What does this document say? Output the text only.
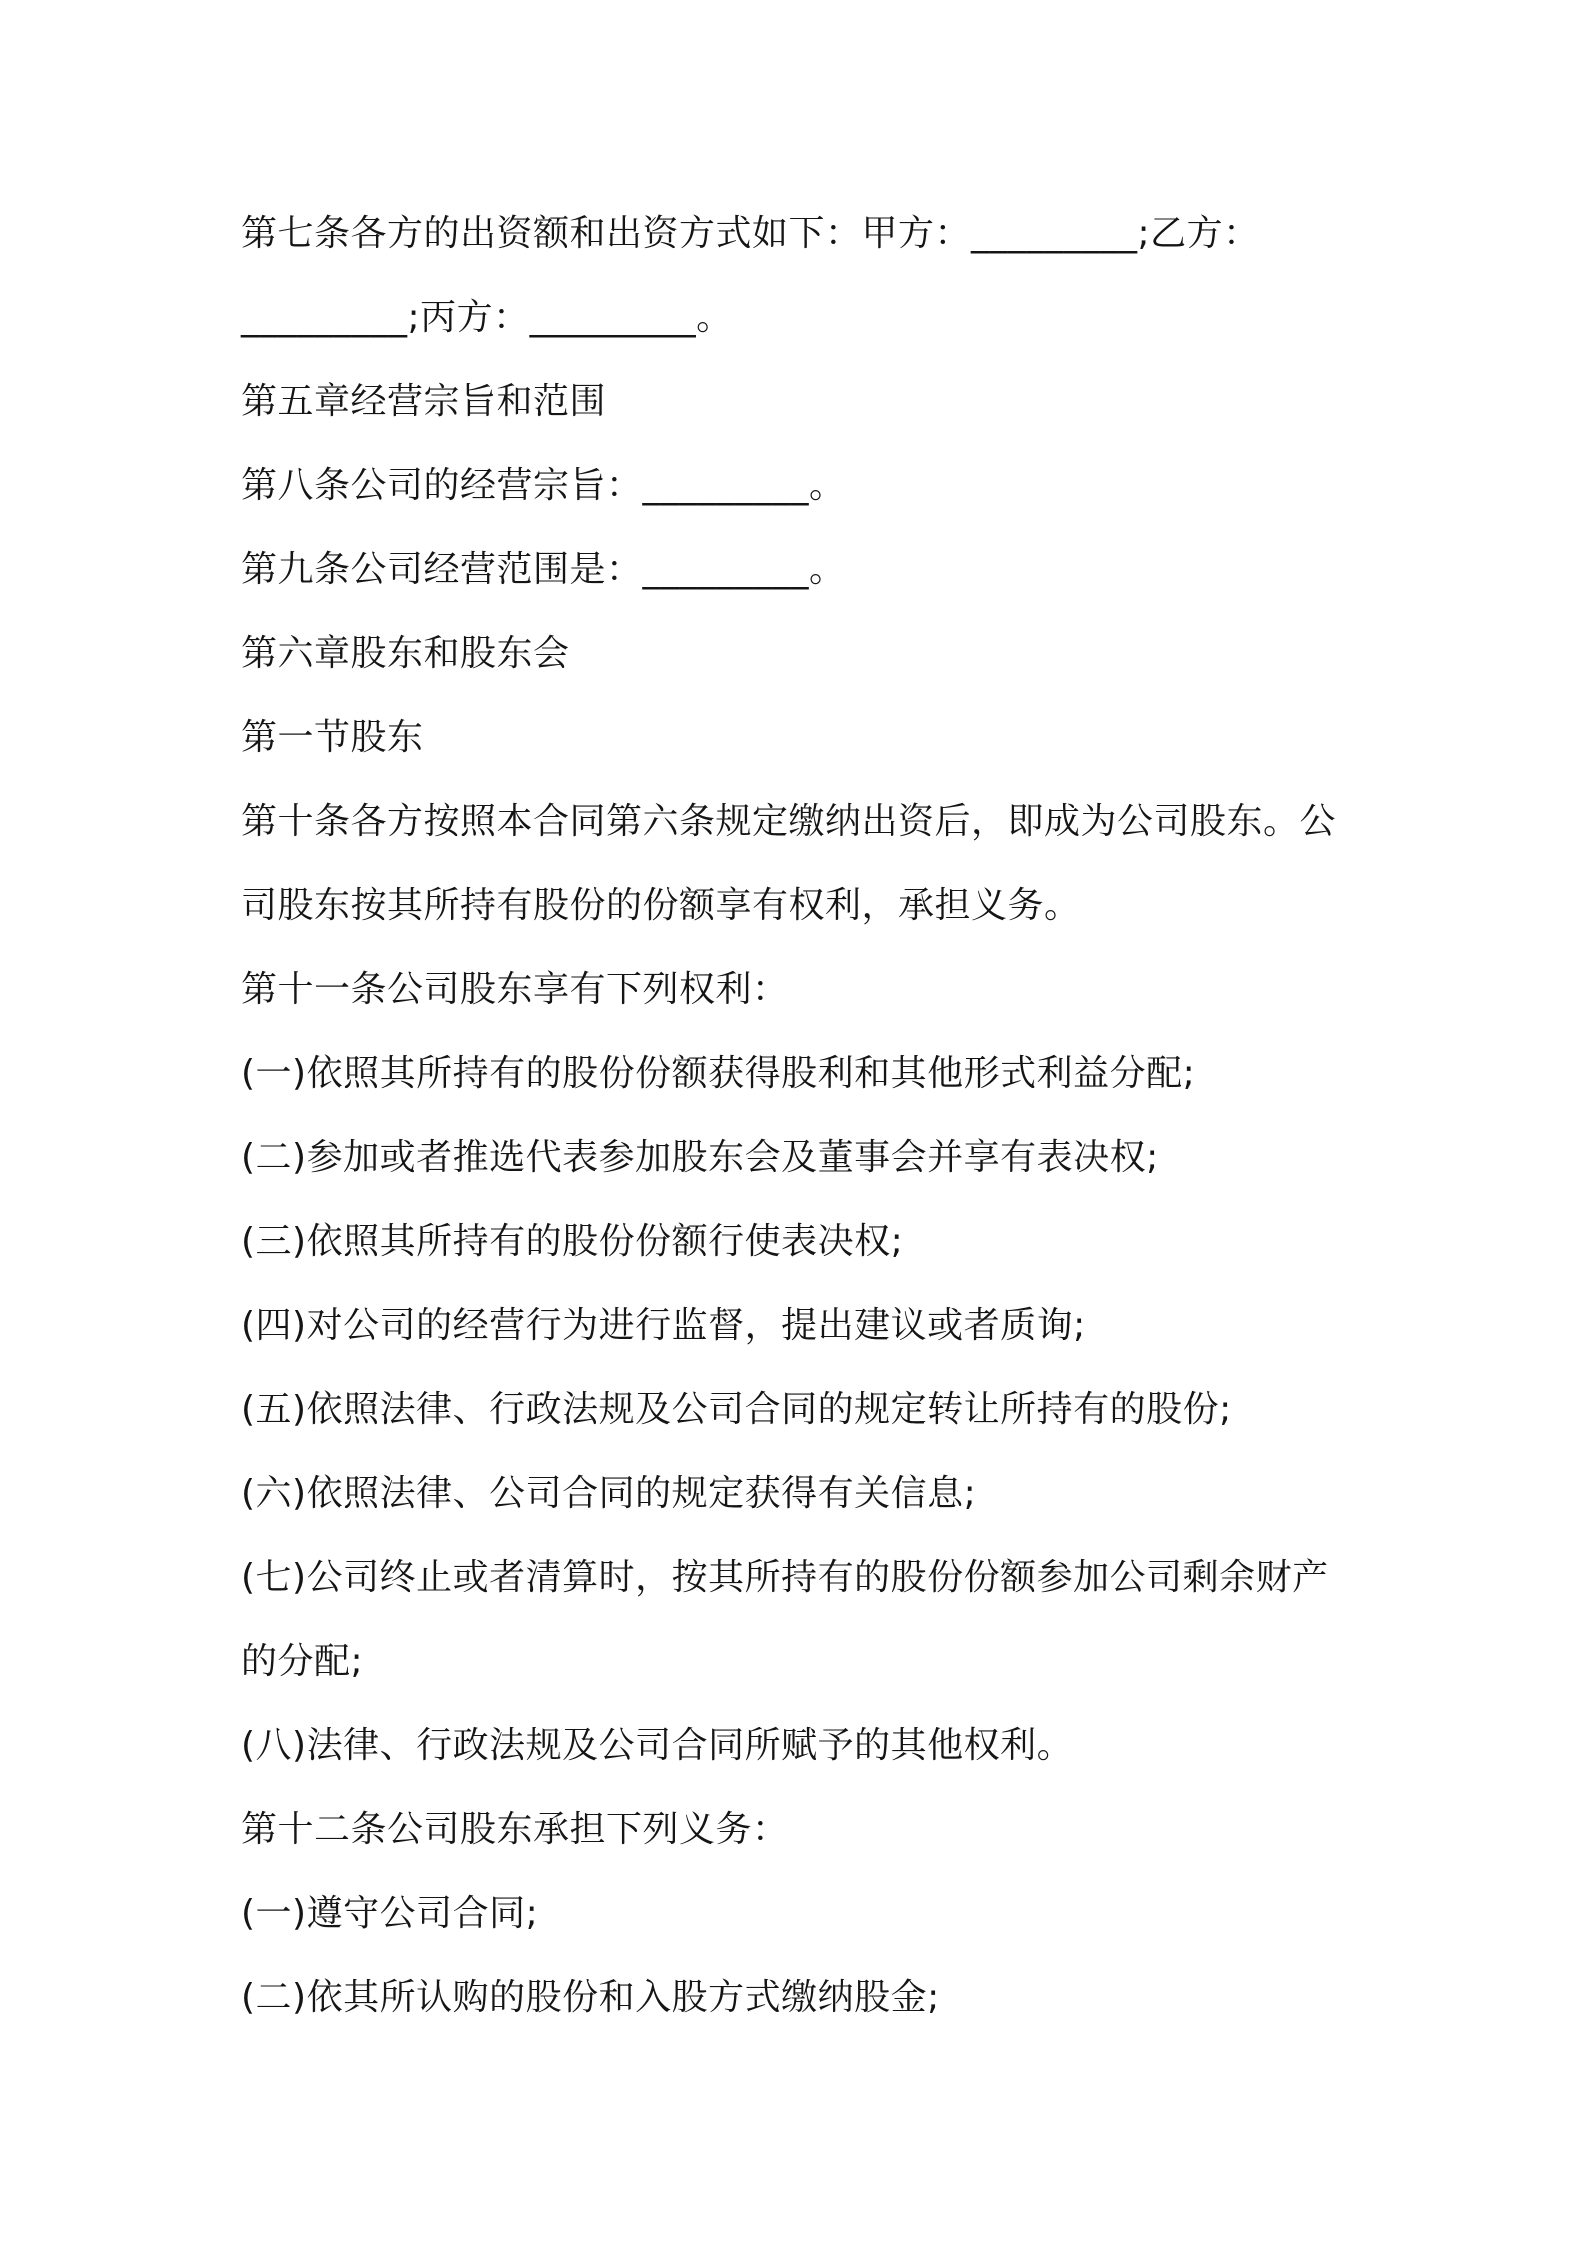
第七条各方的出资额和出资方式如下：甲方：_________;乙方：
_________;丙方：_________。
第五章经营宗旨和范围
第八条公司的经营宗旨：_________。
第九条公司经营范围是：_________。
第六章股东和股东会
第一节股东
第十条各方按照本合同第六条规定缴纳出资后，即成为公司股东。公
司股东按其所持有股份的份额享有权利，承担义务。
第十一条公司股东享有下列权利：
(一)依照其所持有的股份份额获得股利和其他形式利益分配;
(二)参加或者推选代表参加股东会及董事会并享有表决权;
(三)依照其所持有的股份份额行使表决权;
(四)对公司的经营行为进行监督，提出建议或者质询;
(五)依照法律、行政法规及公司合同的规定转让所持有的股份;
(六)依照法律、公司合同的规定获得有关信息;
(七)公司终止或者清算时，按其所持有的股份份额参加公司剩余财产
的分配;
(八)法律、行政法规及公司合同所赋予的其他权利。
第十二条公司股东承担下列义务：
(一)遵守公司合同;
(二)依其所认购的股份和入股方式缴纳股金;
